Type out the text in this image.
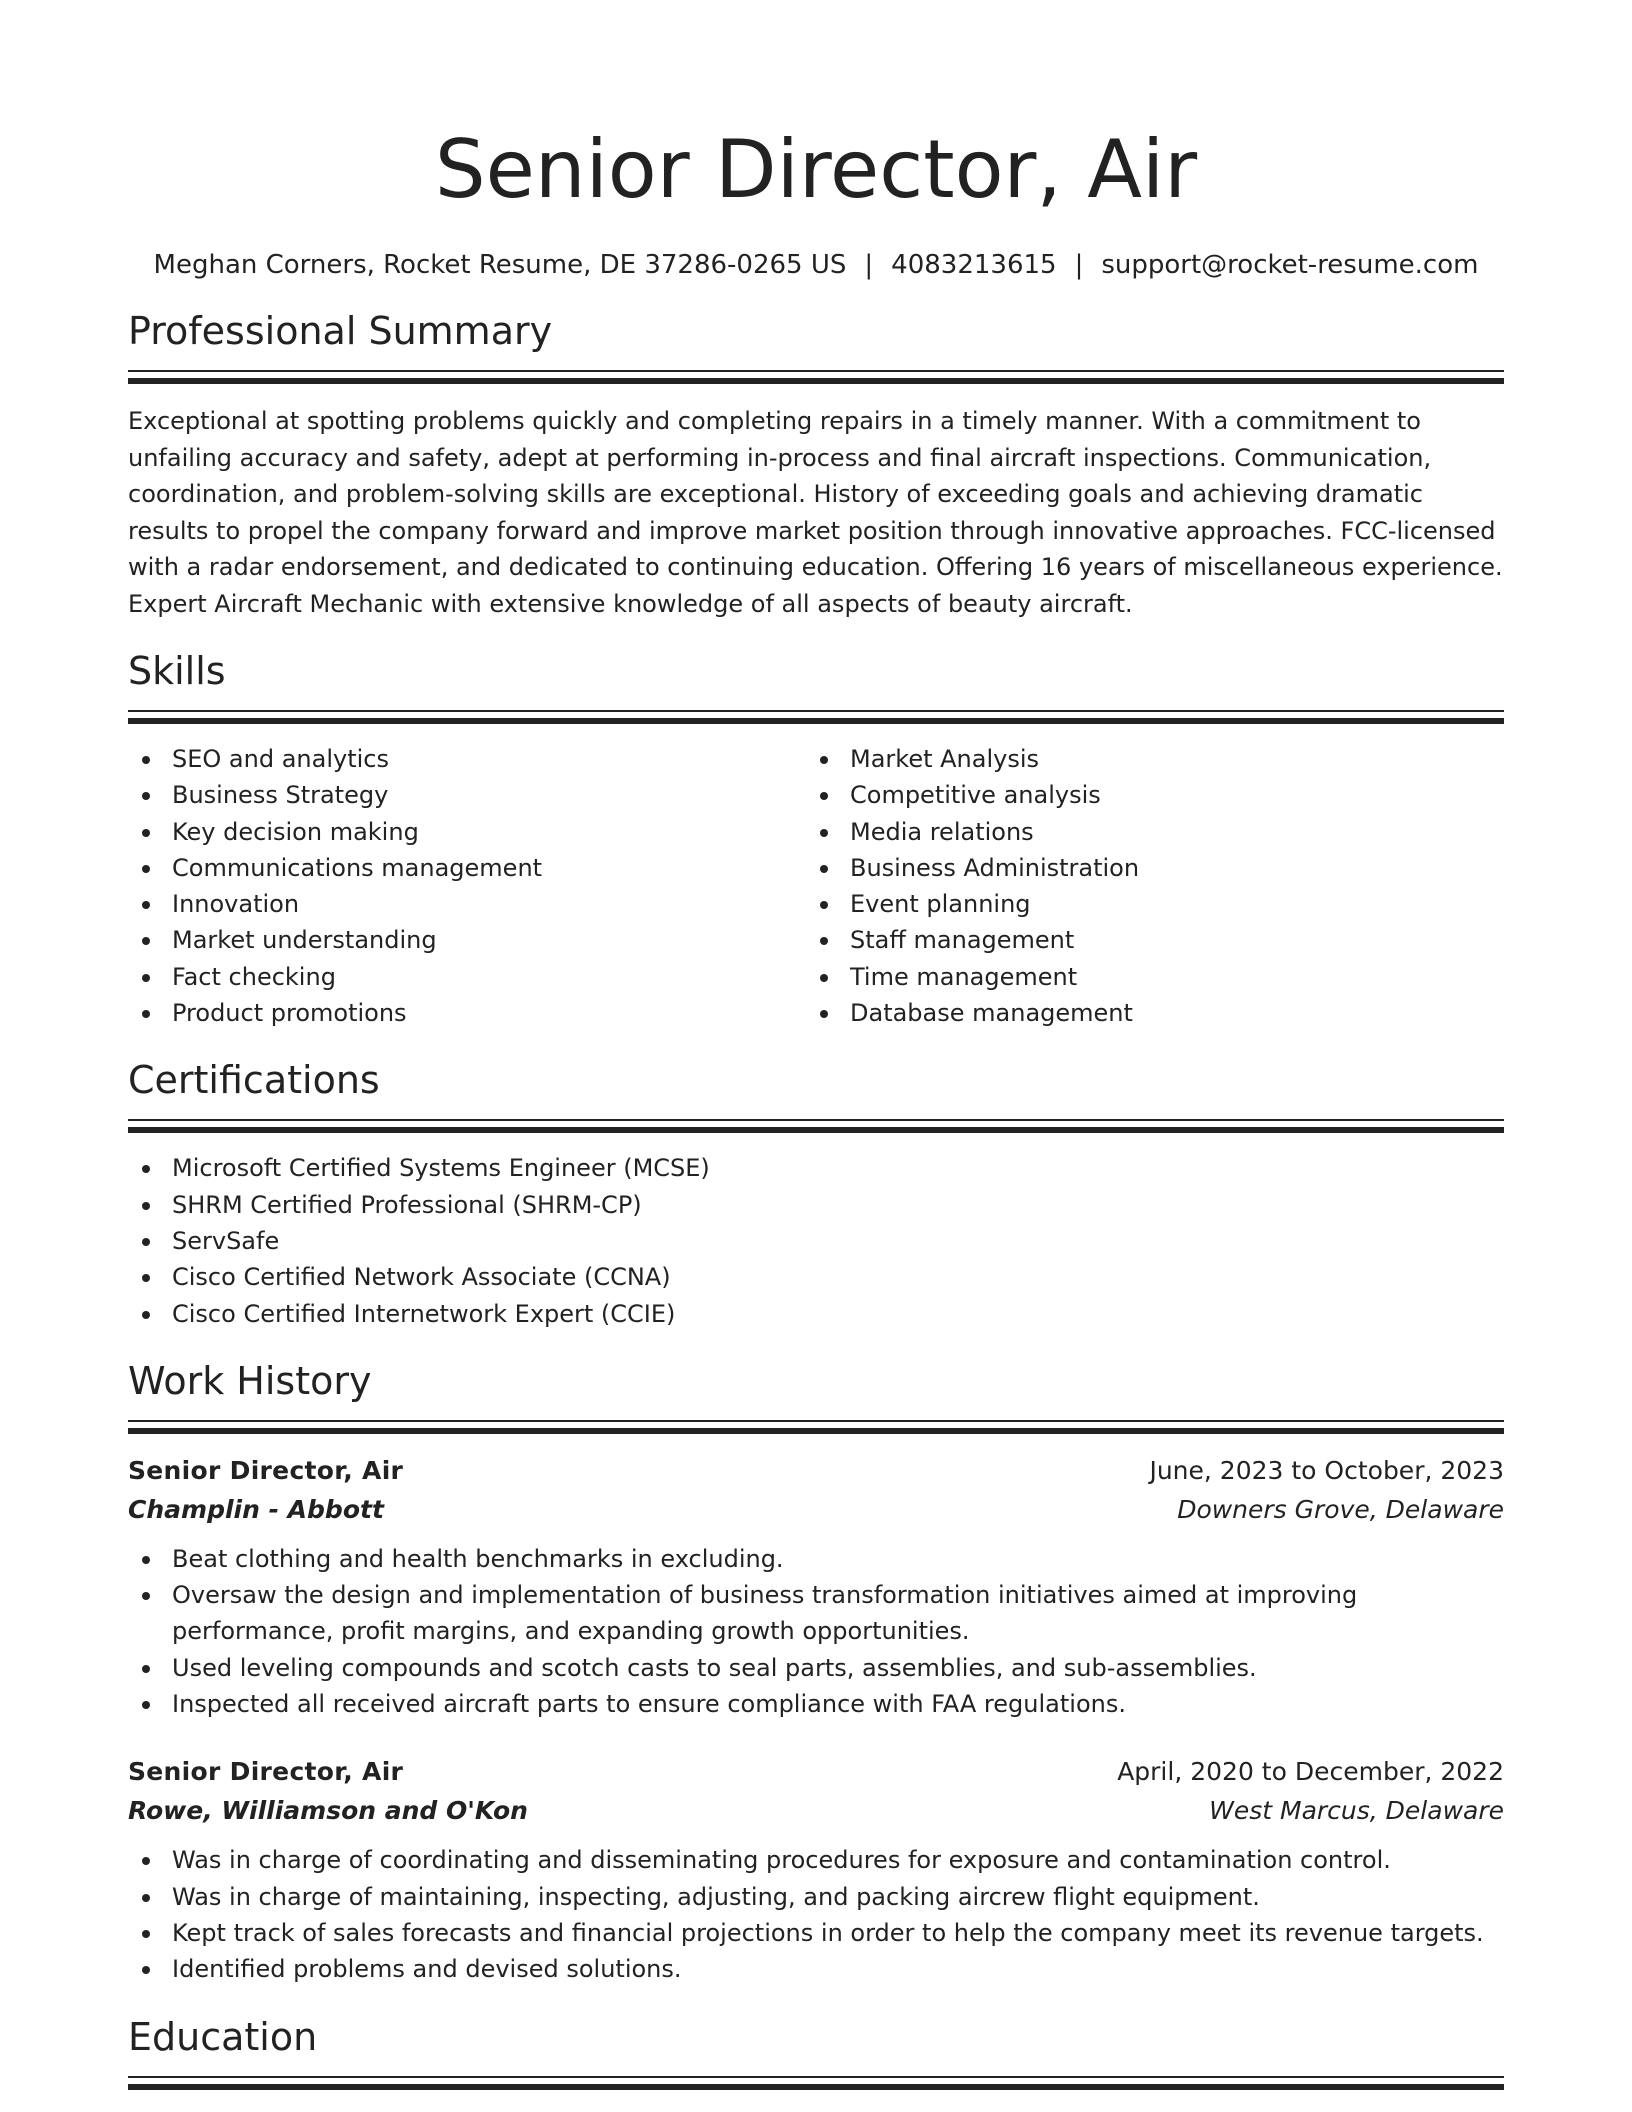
Senior Director, Air
Meghan Corners, Rocket Resume, DE 37286-0265 US | 4083213615 | support@rocket-resume.com
Professional Summary

Exceptional at spotting problems quickly and completing repairs in a timely manner. With a commitment to unfailing accuracy and safety, adept at performing in-process and final aircraft inspections. Communication, coordination, and problem-solving skills are exceptional. History of exceeding goals and achieving dramatic results to propel the company forward and improve market position through innovative approaches. FCC-licensed with a radar endorsement, and dedicated to continuing education. Offering 16 years of miscellaneous experience. Expert Aircraft Mechanic with extensive knowledge of all aspects of beauty aircraft.

Skills
SEO and analytics
Business Strategy
Key decision making
Communications management
Innovation
Market understanding
Fact checking
Product promotions
Market Analysis
Competitive analysis
Media relations
Business Administration
Event planning
Staff management
Time management
Database management
Certifications
Microsoft Certified Systems Engineer (MCSE)
SHRM Certified Professional (SHRM-CP)
ServSafe
Cisco Certified Network Associate (CCNA)
Cisco Certified Internetwork Expert (CCIE)
Work History
Senior Director, Air	June, 2023 to October, 2023
Champlin - Abbott	Downers Grove, Delaware
Beat clothing and health benchmarks in excluding.
Oversaw the design and implementation of business transformation initiatives aimed at improving performance, profit margins, and expanding growth opportunities.
Used leveling compounds and scotch casts to seal parts, assemblies, and sub-assemblies.
Inspected all received aircraft parts to ensure compliance with FAA regulations.
Senior Director, Air	April, 2020 to December, 2022
Rowe, Williamson and O'Kon	West Marcus, Delaware
Was in charge of coordinating and disseminating procedures for exposure and contamination control.
Was in charge of maintaining, inspecting, adjusting, and packing aircrew flight equipment.
Kept track of sales forecasts and financial projections in order to help the company meet its revenue targets.
Identified problems and devised solutions.
Education
